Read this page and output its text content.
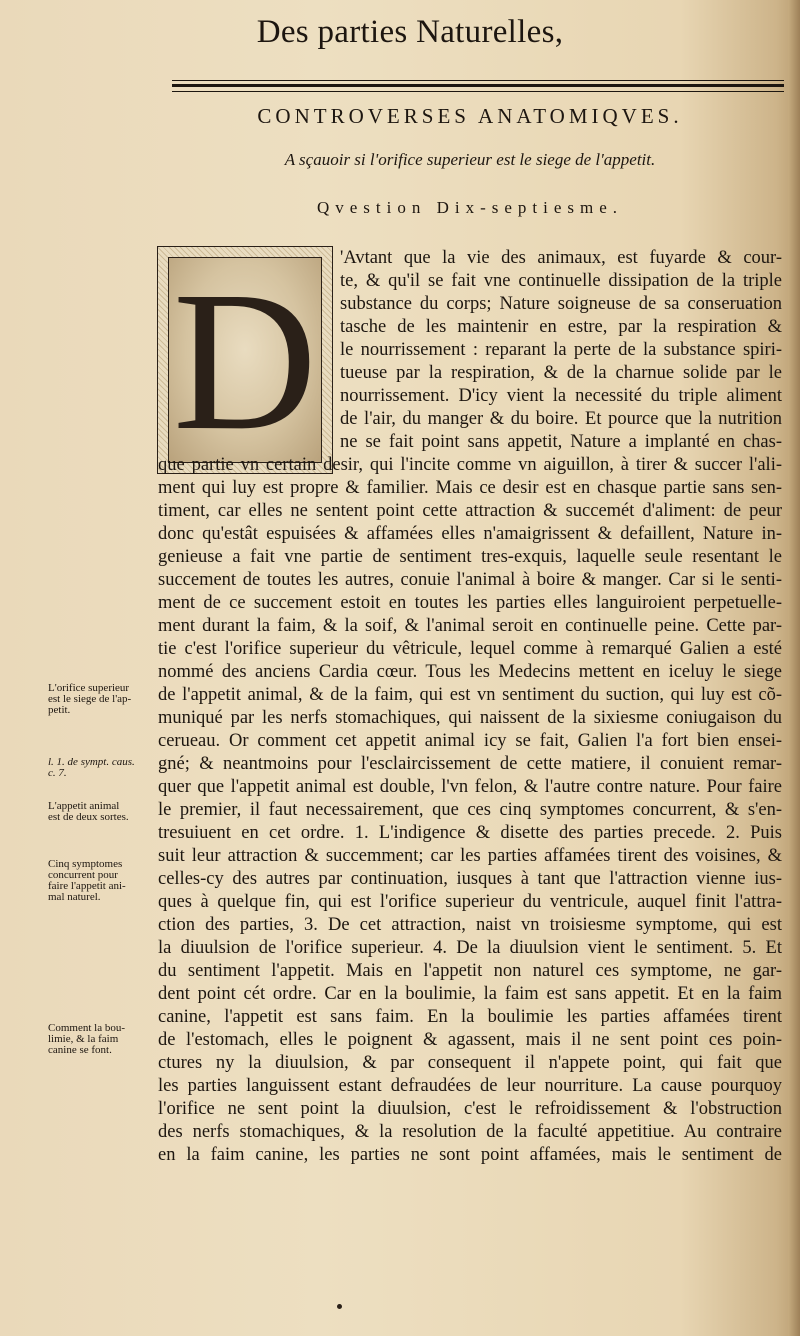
Des parties Naturelles,
CONTROVERSES ANATOMIQVES.
A sçauoir si l'orifice superieur est le siege de l'appetit.
Qvestion Dix-septiesme.
D 'Avtant que la vie des animaux, est fuyarde & cour-
te, & qu'il se fait vne continuelle dissipation de la triple
substance du corps; Nature soigneuse de sa conseruation
tasche de les maintenir en estre, par la respiration &
le nourrissement : reparant la perte de la substance spiri-
tueuse par la respiration, & de la charnue solide par le
nourrissement. D'icy vient la necessité du triple aliment
de l'air, du manger & du boire. Et pource que la nutrition
ne se fait point sans appetit, Nature a implanté en chas-
que partie vn certain desir, qui l'incite comme vn aiguillon, à tirer & succer l'ali-
ment qui luy est propre & familier. Mais ce desir est en chasque partie sans sen-
timent, car elles ne sentent point cette attraction & succemét d'aliment: de peur
donc qu'estât espuisées & affamées elles n'amaigrissent & defaillent, Nature in-
genieuse a fait vne partie de sentiment tres-exquis, laquelle seule resentant le
succement de toutes les autres, conuie l'animal à boire & manger. Car si le senti-
ment de ce succement estoit en toutes les parties elles languiroient perpetuelle-
ment durant la faim, & la soif, & l'animal seroit en continuelle peine. Cette par-
tie c'est l'orifice superieur du vêtricule, lequel comme à remarqué Galien a esté
nommé des anciens Cardia cœur. Tous les Medecins mettent en iceluy le siege
de l'appetit animal, & de la faim, qui est vn sentiment du suction, qui luy est cõ-
muniqué par les nerfs stomachiques, qui naissent de la sixiesme coniugaison du
cerueau. Or comment cet appetit animal icy se fait, Galien l'a fort bien ensei-
gné; & neantmoins pour l'esclaircissement de cette matiere, il conuient remar-
quer que l'appetit animal est double, l'vn felon, & l'autre contre nature. Pour faire
le premier, il faut necessairement, que ces cinq symptomes concurrent, & s'en-
tresuiuent en cet ordre. 1. L'indigence & disette des parties precede. 2. Puis
suit leur attraction & succemment; car les parties affamées tirent des voisines, &
celles-cy des autres par continuation, iusques à tant que l'attraction vienne ius-
ques à quelque fin, qui est l'orifice superieur du ventricule, auquel finit l'attra-
ction des parties, 3. De cet attraction, naist vn troisiesme symptome, qui est
la diuulsion de l'orifice superieur. 4. De la diuulsion vient le sentiment. 5. Et
du sentiment l'appetit. Mais en l'appetit non naturel ces symptome, ne gar-
dent point cét ordre. Car en la boulimie, la faim est sans appetit. Et en la faim
canine, l'appetit est sans faim. En la boulimie les parties affamées tirent
de l'estomach, elles le poignent & agassent, mais il ne sent point ces poin-
ctures ny la diuulsion, & par consequent il n'appete point, qui fait que
les parties languissent estant defraudées de leur nourriture. La cause pourquoy
l'orifice ne sent point la diuulsion, c'est le refroidissement & l'obstruction
des nerfs stomachiques, & la resolution de la faculté appetitiue. Au contraire
en la faim canine, les parties ne sont point affamées, mais le sentiment de
L'orifice superieur
est le siege de l'ap-
petit.
l. 1. de sympt. caus.
c. 7.
L'appetit animal
est de deux sortes.
Cinq symptomes
concurrent pour
faire l'appetit ani-
mal naturel.
Comment la bou-
limie, & la faim
canine se font.
